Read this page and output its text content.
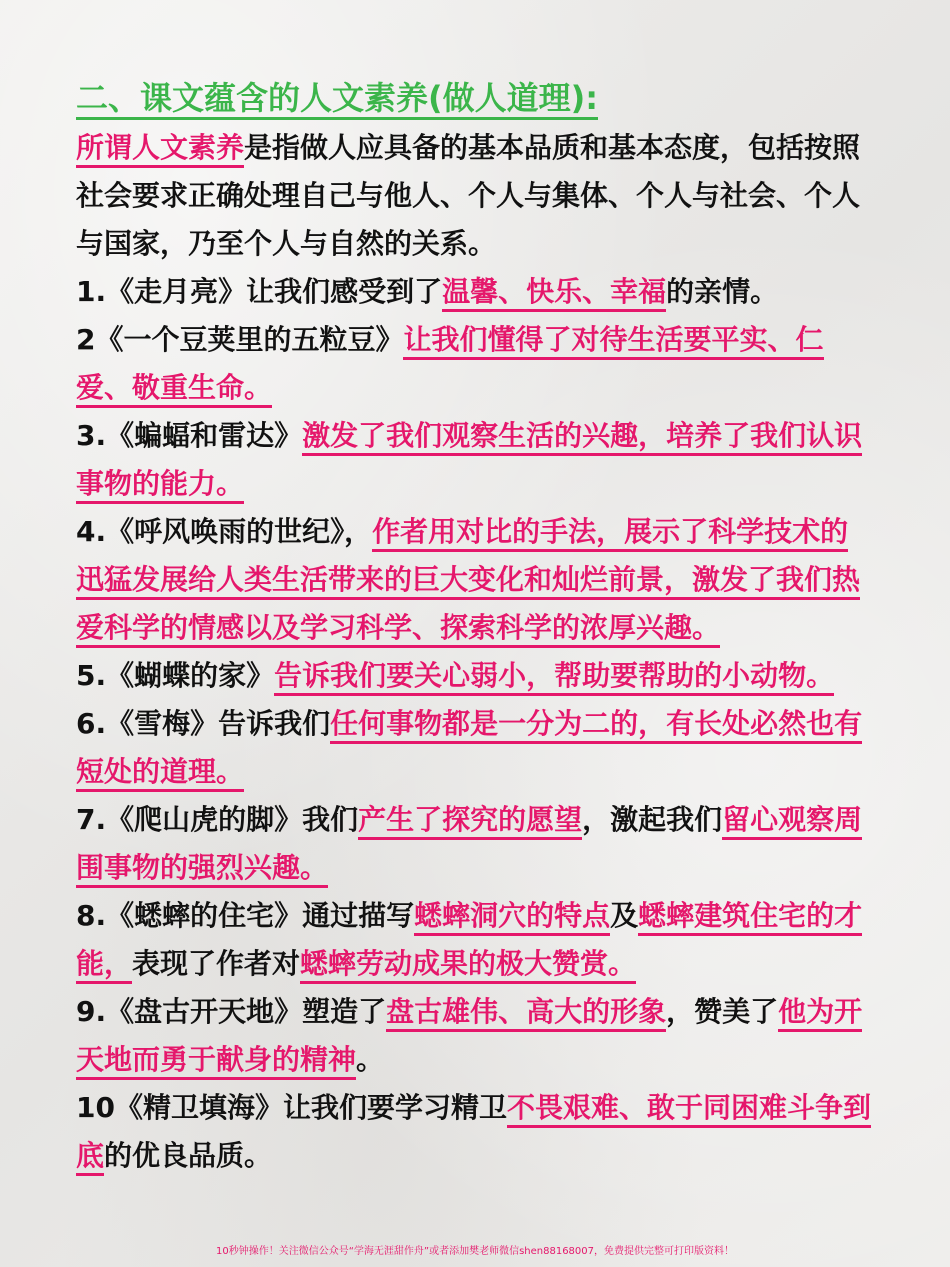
二、课文蕴含的人文素养(做人道理):

所谓人文素养是指做人应具备的基本品质和基本态度，包括按照社会要求正确处理自己与他人、个人与集体、个人与社会、个人与国家，乃至个人与自然的关系。

1.《走月亮》让我们感受到了温馨、快乐、幸福的亲情。

2《一个豆荚里的五粒豆》让我们懂得了对待生活要平实、仁爱、敬重生命。

3.《蝙蝠和雷达》激发了我们观察生活的兴趣，培养了我们认识事物的能力。

4.《呼风唤雨的世纪》，作者用对比的手法，展示了科学技术的迅猛发展给人类生活带来的巨大变化和灿烂前景，激发了我们热爱科学的情感以及学习科学、探索科学的浓厚兴趣。

5.《蝴蝶的家》告诉我们要关心弱小，帮助要帮助的小动物。

6.《雪梅》告诉我们任何事物都是一分为二的，有长处必然也有短处的道理。

7.《爬山虎的脚》我们产生了探究的愿望，激起我们留心观察周围事物的强烈兴趣。

8.《蟋蟀的住宅》通过描写蟋蟀洞穴的特点及蟋蟀建筑住宅的才能，表现了作者对蟋蟀劳动成果的极大赞赏。

9.《盘古开天地》塑造了盘古雄伟、高大的形象，赞美了他为开天地而勇于献身的精神。

10《精卫填海》让我们要学习精卫不畏艰难、敢于同困难斗争到底的优良品质。

10秒钟操作！关注微信公众号“学海无涯甜作舟”或者添加樊老师微信shen88168007，免费提供完整可打印版资料！
